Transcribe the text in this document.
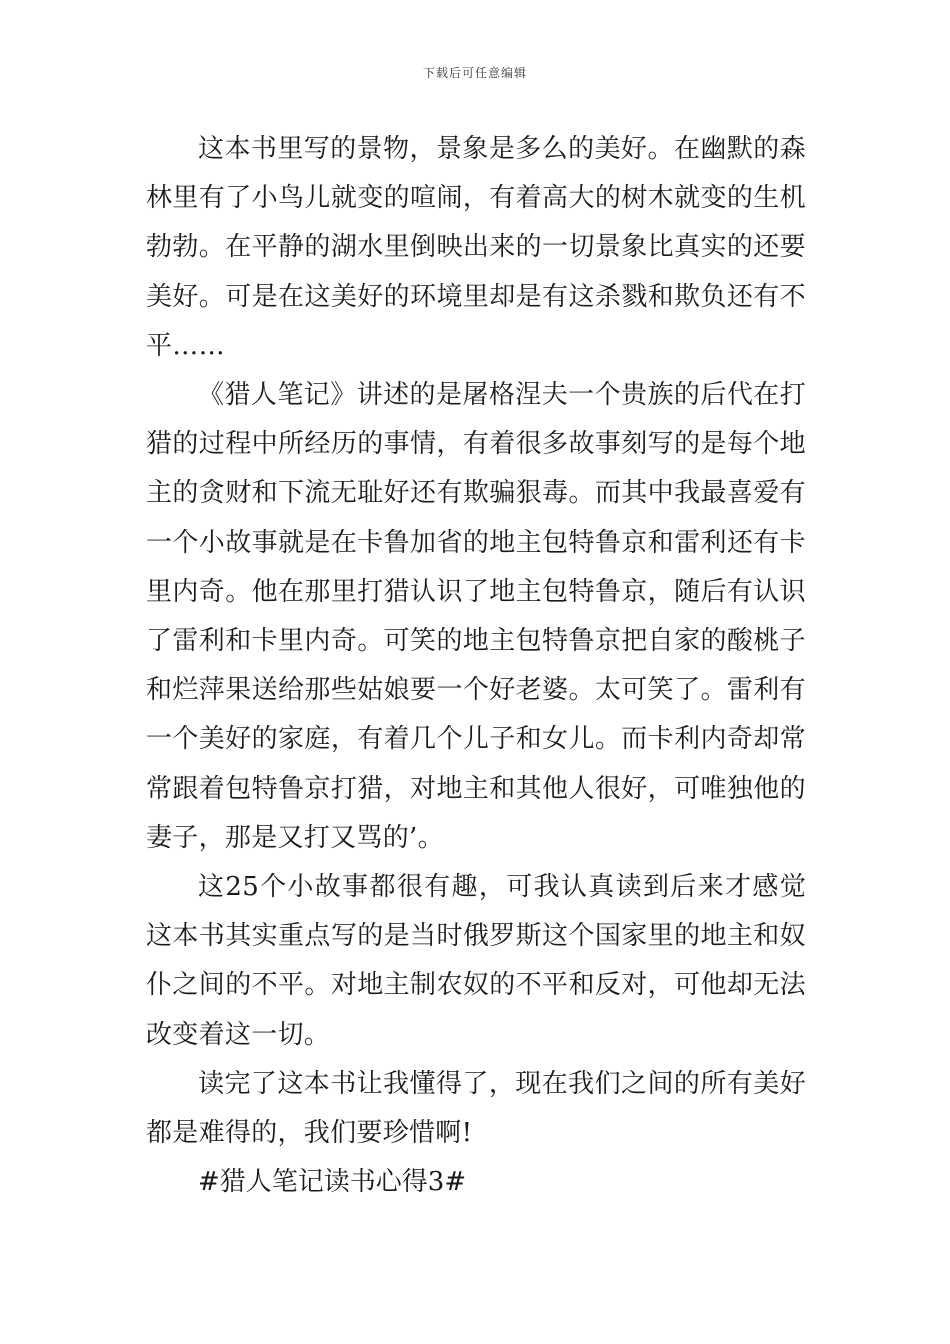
下载后可任意编辑

这本书里写的景物，景象是多么的美好。在幽默的森林里有了小鸟儿就变的喧闹，有着高大的树木就变的生机勃勃。在平静的湖水里倒映出来的一切景象比真实的还要美好。可是在这美好的环境里却是有这杀戮和欺负还有不平……

《猎人笔记》讲述的是屠格涅夫一个贵族的后代在打猎的过程中所经历的事情，有着很多故事刻写的是每个地主的贪财和下流无耻好还有欺骗狠毒。而其中我最喜爱有一个小故事就是在卡鲁加省的地主包特鲁京和雷利还有卡里内奇。他在那里打猎认识了地主包特鲁京，随后有认识了雷利和卡里内奇。可笑的地主包特鲁京把自家的酸桃子和烂萍果送给那些姑娘要一个好老婆。太可笑了。雷利有一个美好的家庭，有着几个儿子和女儿。而卡利内奇却常常跟着包特鲁京打猎，对地主和其他人很好，可唯独他的妻子，那是又打又骂的’。

这25个小故事都很有趣，可我认真读到后来才感觉这本书其实重点写的是当时俄罗斯这个国家里的地主和奴仆之间的不平。对地主制农奴的不平和反对，可他却无法改变着这一切。

读完了这本书让我懂得了，现在我们之间的所有美好都是难得的，我们要珍惜啊!

#猎人笔记读书心得3#
